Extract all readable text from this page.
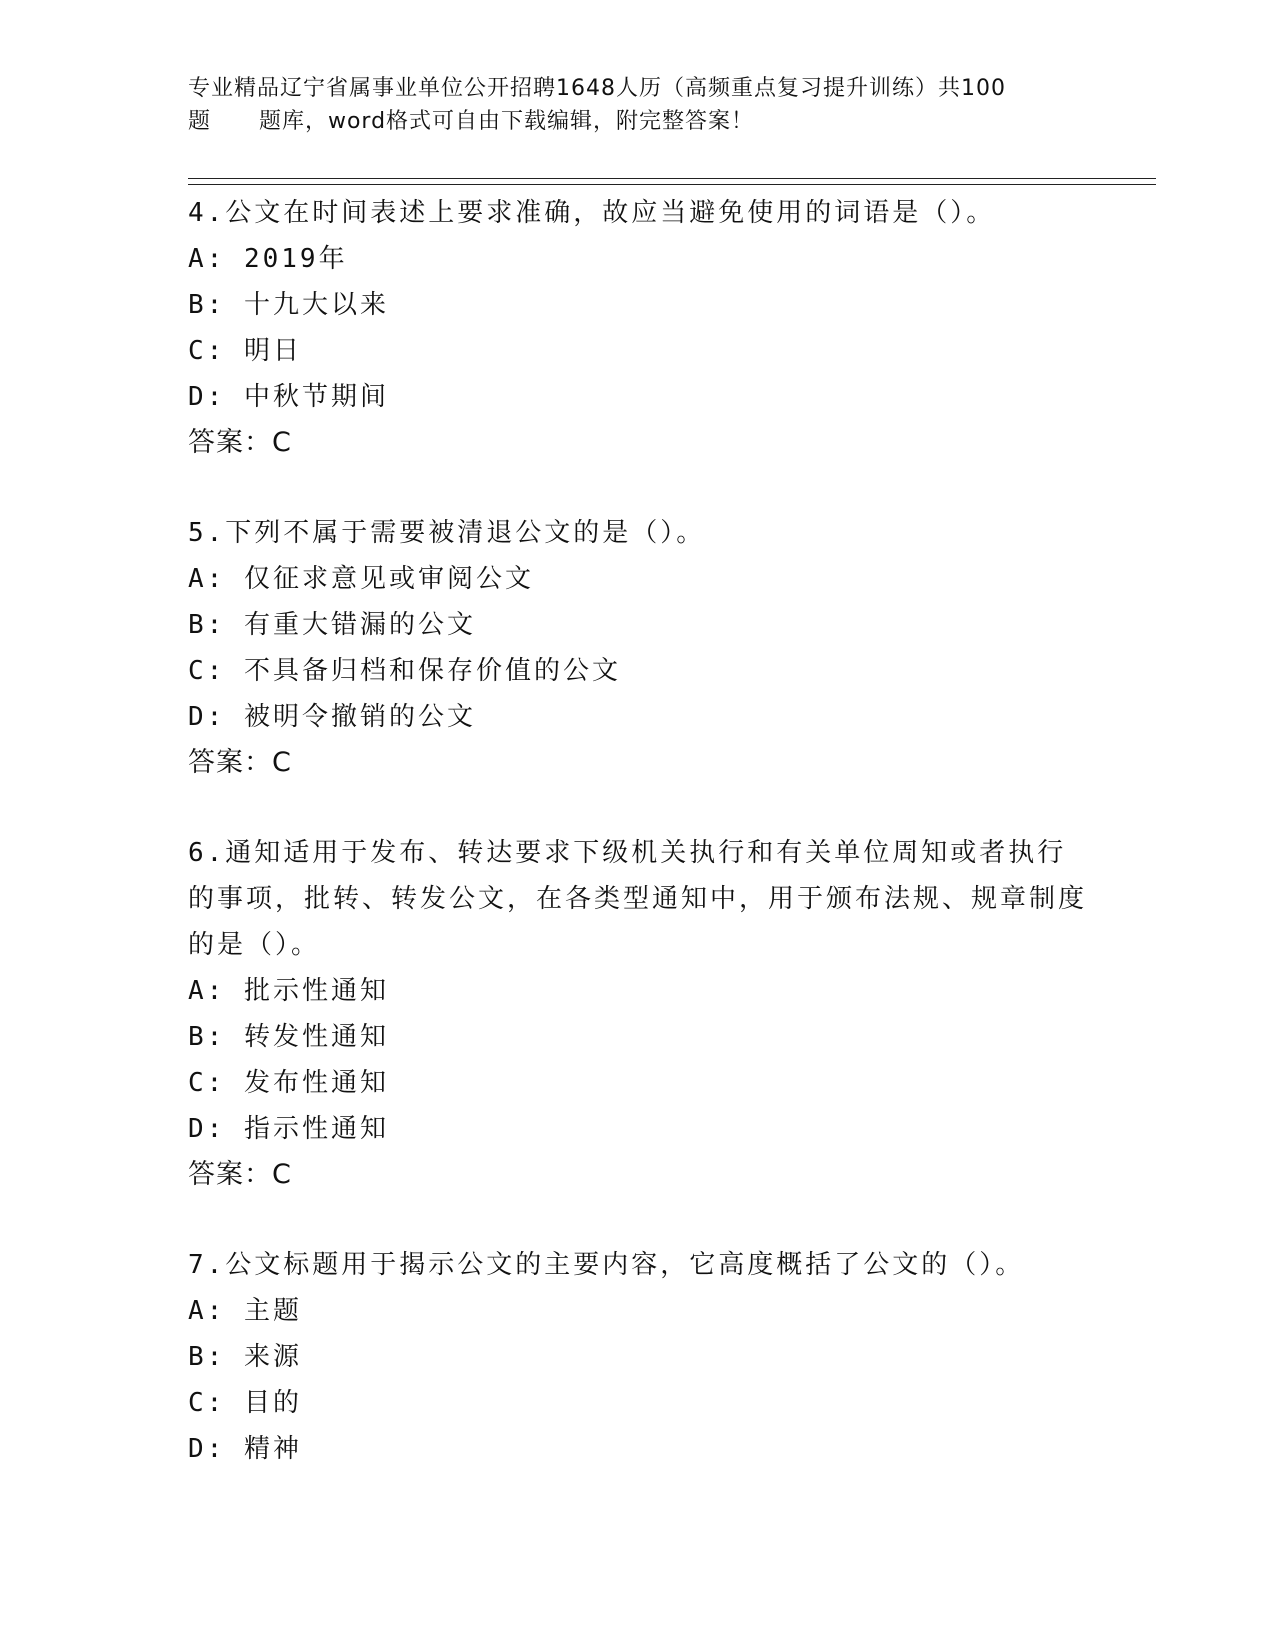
专业精品辽宁省属事业单位公开招聘1648人历（高频重点复习提升训练）共100
题      题库，word格式可自由下载编辑，附完整答案！
4.公文在时间表述上要求准确，故应当避免使用的词语是（）。
A: 2019年
B: 十九大以来
C: 明日
D: 中秋节期间
答案：C
5.下列不属于需要被清退公文的是（）。
A: 仅征求意见或审阅公文
B: 有重大错漏的公文
C: 不具备归档和保存价值的公文
D: 被明令撤销的公文
答案：C
6.通知适用于发布、转达要求下级机关执行和有关单位周知或者执行的事项，批转、转发公文，在各类型通知中，用于颁布法规、规章制度的是（）。
A: 批示性通知
B: 转发性通知
C: 发布性通知
D: 指示性通知
答案：C
7.公文标题用于揭示公文的主要内容，它高度概括了公文的（）。
A: 主题
B: 来源
C: 目的
D: 精神
